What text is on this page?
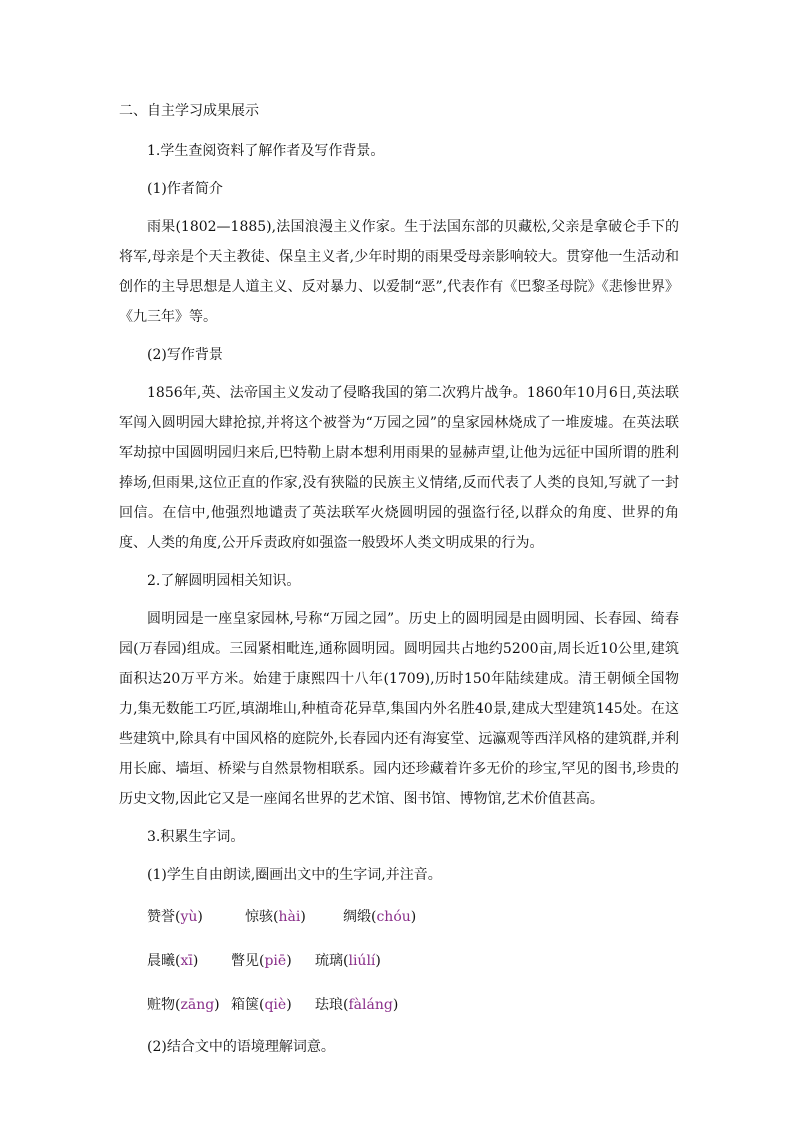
二、自主学习成果展示

1.学生查阅资料了解作者及写作背景。

(1)作者简介

雨果(1802—1885),法国浪漫主义作家。生于法国东部的贝藏松,父亲是拿破仑手下的将军,母亲是个天主教徒、保皇主义者,少年时期的雨果受母亲影响较大。贯穿他一生活动和创作的主导思想是人道主义、反对暴力、以爱制“恶”,代表作有《巴黎圣母院》《悲惨世界》《九三年》等。

(2)写作背景

1856年,英、法帝国主义发动了侵略我国的第二次鸦片战争。1860年10月6日,英法联军闯入圆明园大肆抢掠,并将这个被誉为“万园之园”的皇家园林烧成了一堆废墟。在英法联军劫掠中国圆明园归来后,巴特勒上尉本想利用雨果的显赫声望,让他为远征中国所谓的胜利捧场,但雨果,这位正直的作家,没有狭隘的民族主义情绪,反而代表了人类的良知,写就了一封回信。在信中,他强烈地谴责了英法联军火烧圆明园的强盗行径,以群众的角度、世界的角度、人类的角度,公开斥责政府如强盗一般毁坏人类文明成果的行为。

2.了解圆明园相关知识。

圆明园是一座皇家园林,号称“万园之园”。历史上的圆明园是由圆明园、长春园、绮春园(万春园)组成。三园紧相毗连,通称圆明园。圆明园共占地约5200亩,周长近10公里,建筑面积达20万平方米。始建于康熙四十八年(1709),历时150年陆续建成。清王朝倾全国物力,集无数能工巧匠,填湖堆山,种植奇花异草,集国内外名胜40景,建成大型建筑145处。在这些建筑中,除具有中国风格的庭院外,长春园内还有海宴堂、远瀛观等西洋风格的建筑群,并利用长廊、墙垣、桥梁与自然景物相联系。园内还珍藏着许多无价的珍宝,罕见的图书,珍贵的历史文物,因此它又是一座闻名世界的艺术馆、图书馆、博物馆,艺术价值甚高。

3.积累生字词。

(1)学生自由朗读,圈画出文中的生字词,并注音。

赞誉(yù)	惊骇(hài)	绸缎(chóu)
晨曦(xī)	瞥见(piē)	琉璃(liúlí)
赃物(zāng) 箱箧(qiè)	珐琅(fàláng)

(2)结合文中的语境理解词意。
